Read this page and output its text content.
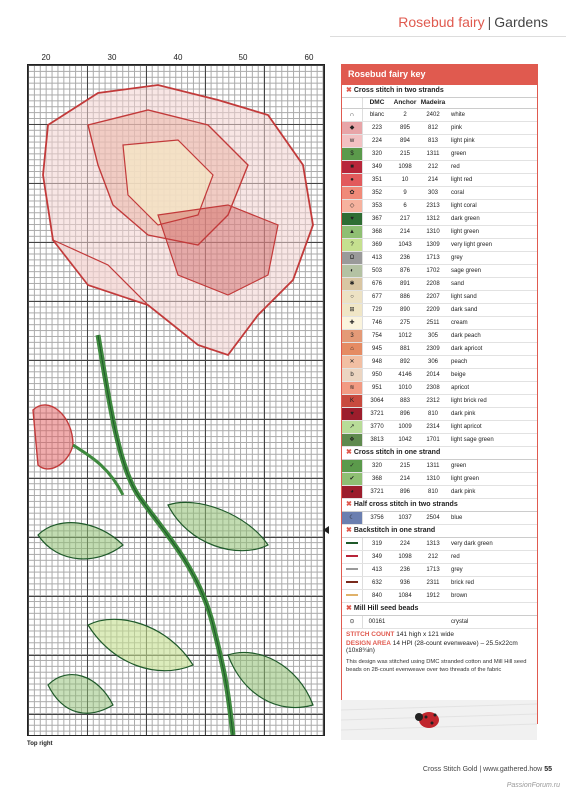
Rosebud fairy | Gardens
20	30	40	50	60
Top right
Rosebud fairy key
✖ Cross stitch in two strands
DMC	Anchor Madeira
∩	blanc	2	2402	white
◆	223	895	812	pink
w	224	894	813	light pink
$	320	215	1311	green
■	349	1098	212	red
●	351	10	214	light red
✿	352	9	303	coral
◇	353	6	2313	light coral
♥	367	217	1312	dark green
▲	368	214	1310	light green
?	369	1043	1309	very light green
Ω	413	236	1713	grey
◐	503	876	1702	sage green
✱	676	891	2208	sand
○	677	886	2207	light sand
⊞	729	890	2209	dark sand
✚	746	275	2511	cream
3	754	1012	305	dark peach
⌂	945	881	2309	dark apricot
✕	948	892	306	peach
b	950	4146	2014	beige
≋	951	1010	2308	apricot
K	3064	883	2312	light brick red
♥	3721	896	810	dark pink
↗	3770	1009	2314	light apricot
❖	3813	1042	1701	light sage green
✖ Cross stitch in one strand
✓	320	215	1311	green
✔	368	214	1310	light green
◕	3721	896	810	dark pink
✖ Half cross stitch in two strands
☾	3756	1037	2504	blue
✖ Backstitch in one strand
319	224	1313	very dark green
349	1098	212	red
413	236	1713	grey
632	936	2311	brick red
840	1084	1912	brown
✖ Mill Hill seed beads
⊙	00161	crystal
STITCH COUNT 141 high x 121 wide
DESIGN AREA 14 HPI (28-count evenweave) – 25.5x22cm (10x8¾in)
This design was stitched using DMC stranded cotton and Mill Hill seed beads on 28-count evenweave over two threads of the fabric
Cross Stitch Gold | www.gathered.how 55
PassionForum.ru
